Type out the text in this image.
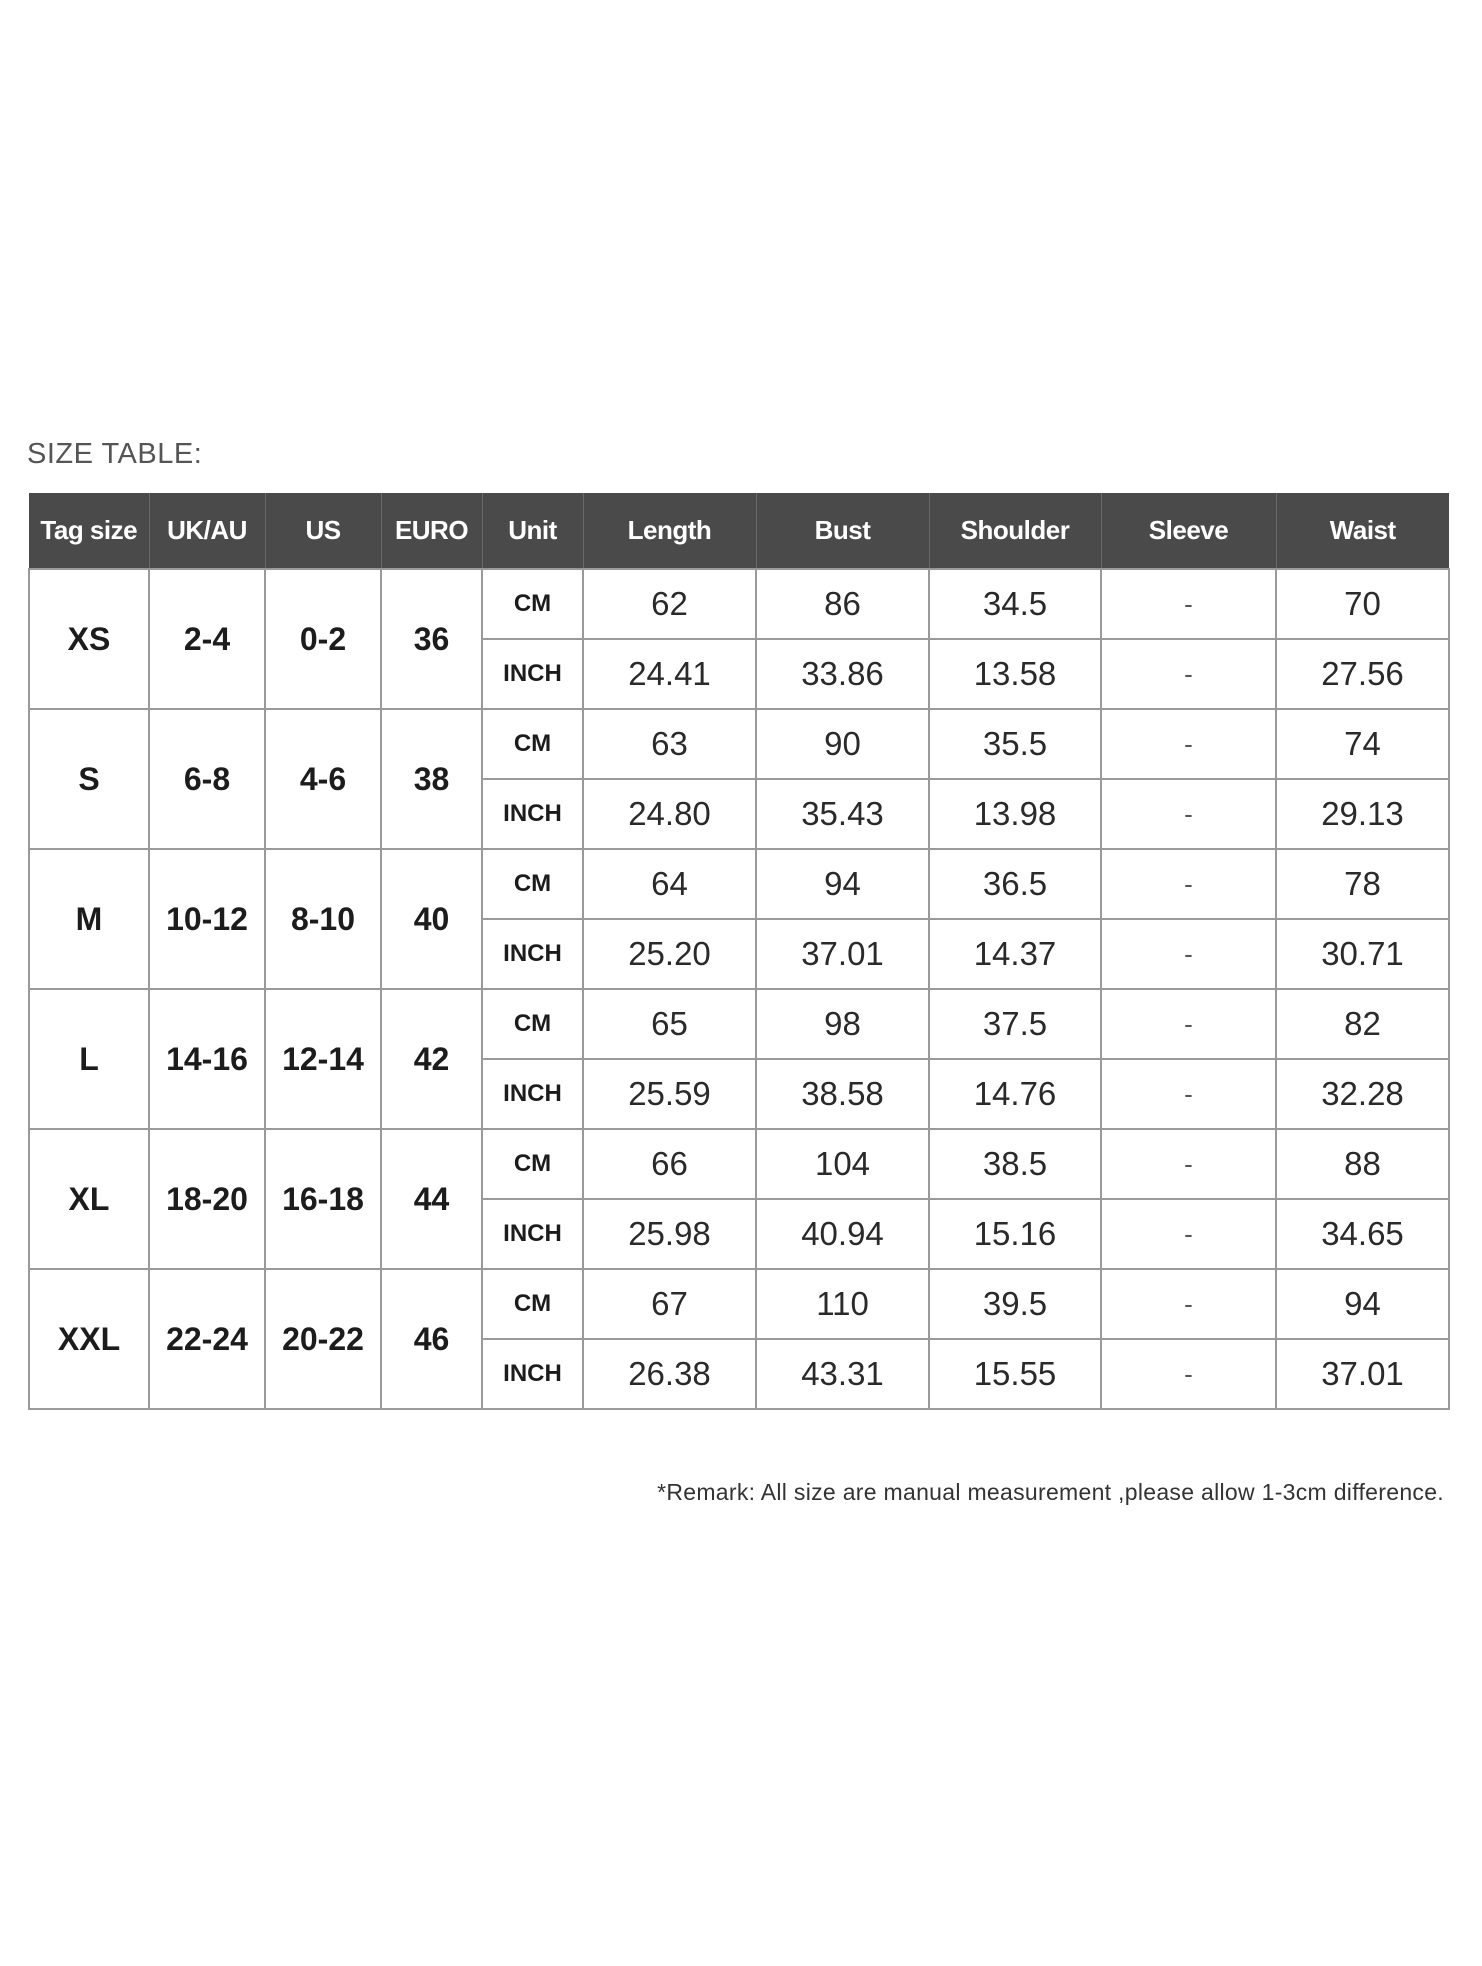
SIZE TABLE:
Tag size	UK/AU	US	EURO	Unit	Length	Bust	Shoulder	Sleeve	Waist
XS	2-4	0-2	36	CM	62	86	34.5	-	70
				INCH	24.41	33.86	13.58	-	27.56
S	6-8	4-6	38	CM	63	90	35.5	-	74
				INCH	24.80	35.43	13.98	-	29.13
M	10-12	8-10	40	CM	64	94	36.5	-	78
				INCH	25.20	37.01	14.37	-	30.71
L	14-16	12-14	42	CM	65	98	37.5	-	82
				INCH	25.59	38.58	14.76	-	32.28
XL	18-20	16-18	44	CM	66	104	38.5	-	88
				INCH	25.98	40.94	15.16	-	34.65
XXL	22-24	20-22	46	CM	67	110	39.5	-	94
				INCH	26.38	43.31	15.55	-	37.01
*Remark: All size are manual measurement ,please allow 1-3cm difference.
